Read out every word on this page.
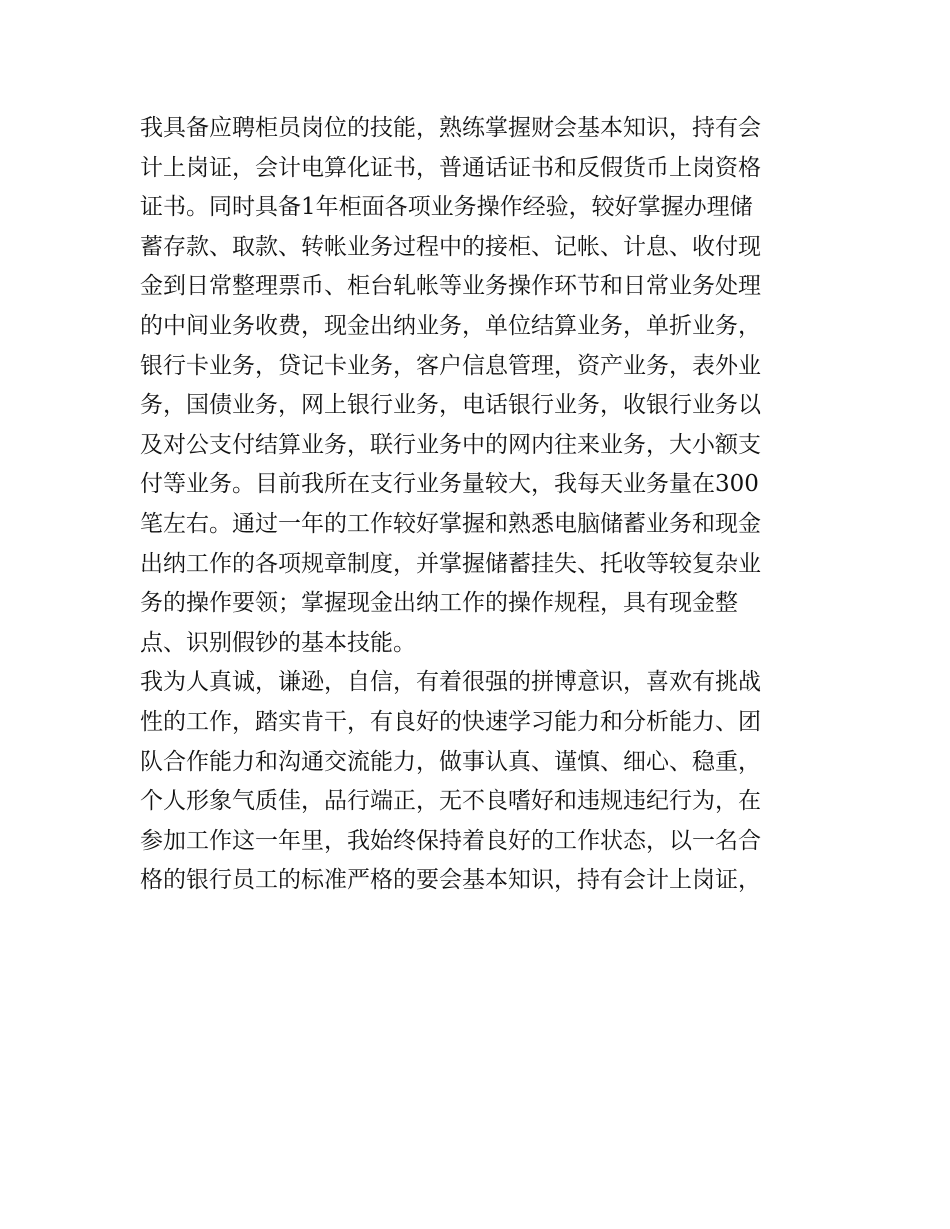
我具备应聘柜员岗位的技能，熟练掌握财会基本知识，持有会
计上岗证，会计电算化证书，普通话证书和反假货币上岗资格
证书。同时具备1年柜面各项业务操作经验，较好掌握办理储
蓄存款、取款、转帐业务过程中的接柜、记帐、计息、收付现
金到日常整理票币、柜台轧帐等业务操作环节和日常业务处理
的中间业务收费，现金出纳业务，单位结算业务，单折业务，
银行卡业务，贷记卡业务，客户信息管理，资产业务，表外业
务，国债业务，网上银行业务，电话银行业务，收银行业务以
及对公支付结算业务，联行业务中的网内往来业务，大小额支
付等业务。目前我所在支行业务量较大，我每天业务量在300
笔左右。通过一年的工作较好掌握和熟悉电脑储蓄业务和现金
出纳工作的各项规章制度，并掌握储蓄挂失、托收等较复杂业
务的操作要领；掌握现金出纳工作的操作规程，具有现金整
点、识别假钞的基本技能。
我为人真诚，谦逊，自信，有着很强的拼博意识，喜欢有挑战
性的工作，踏实肯干，有良好的快速学习能力和分析能力、团
队合作能力和沟通交流能力，做事认真、谨慎、细心、稳重，
个人形象气质佳，品行端正，无不良嗜好和违规违纪行为，在
参加工作这一年里，我始终保持着良好的工作状态，以一名合
格的银行员工的标准严格的要会基本知识，持有会计上岗证，
